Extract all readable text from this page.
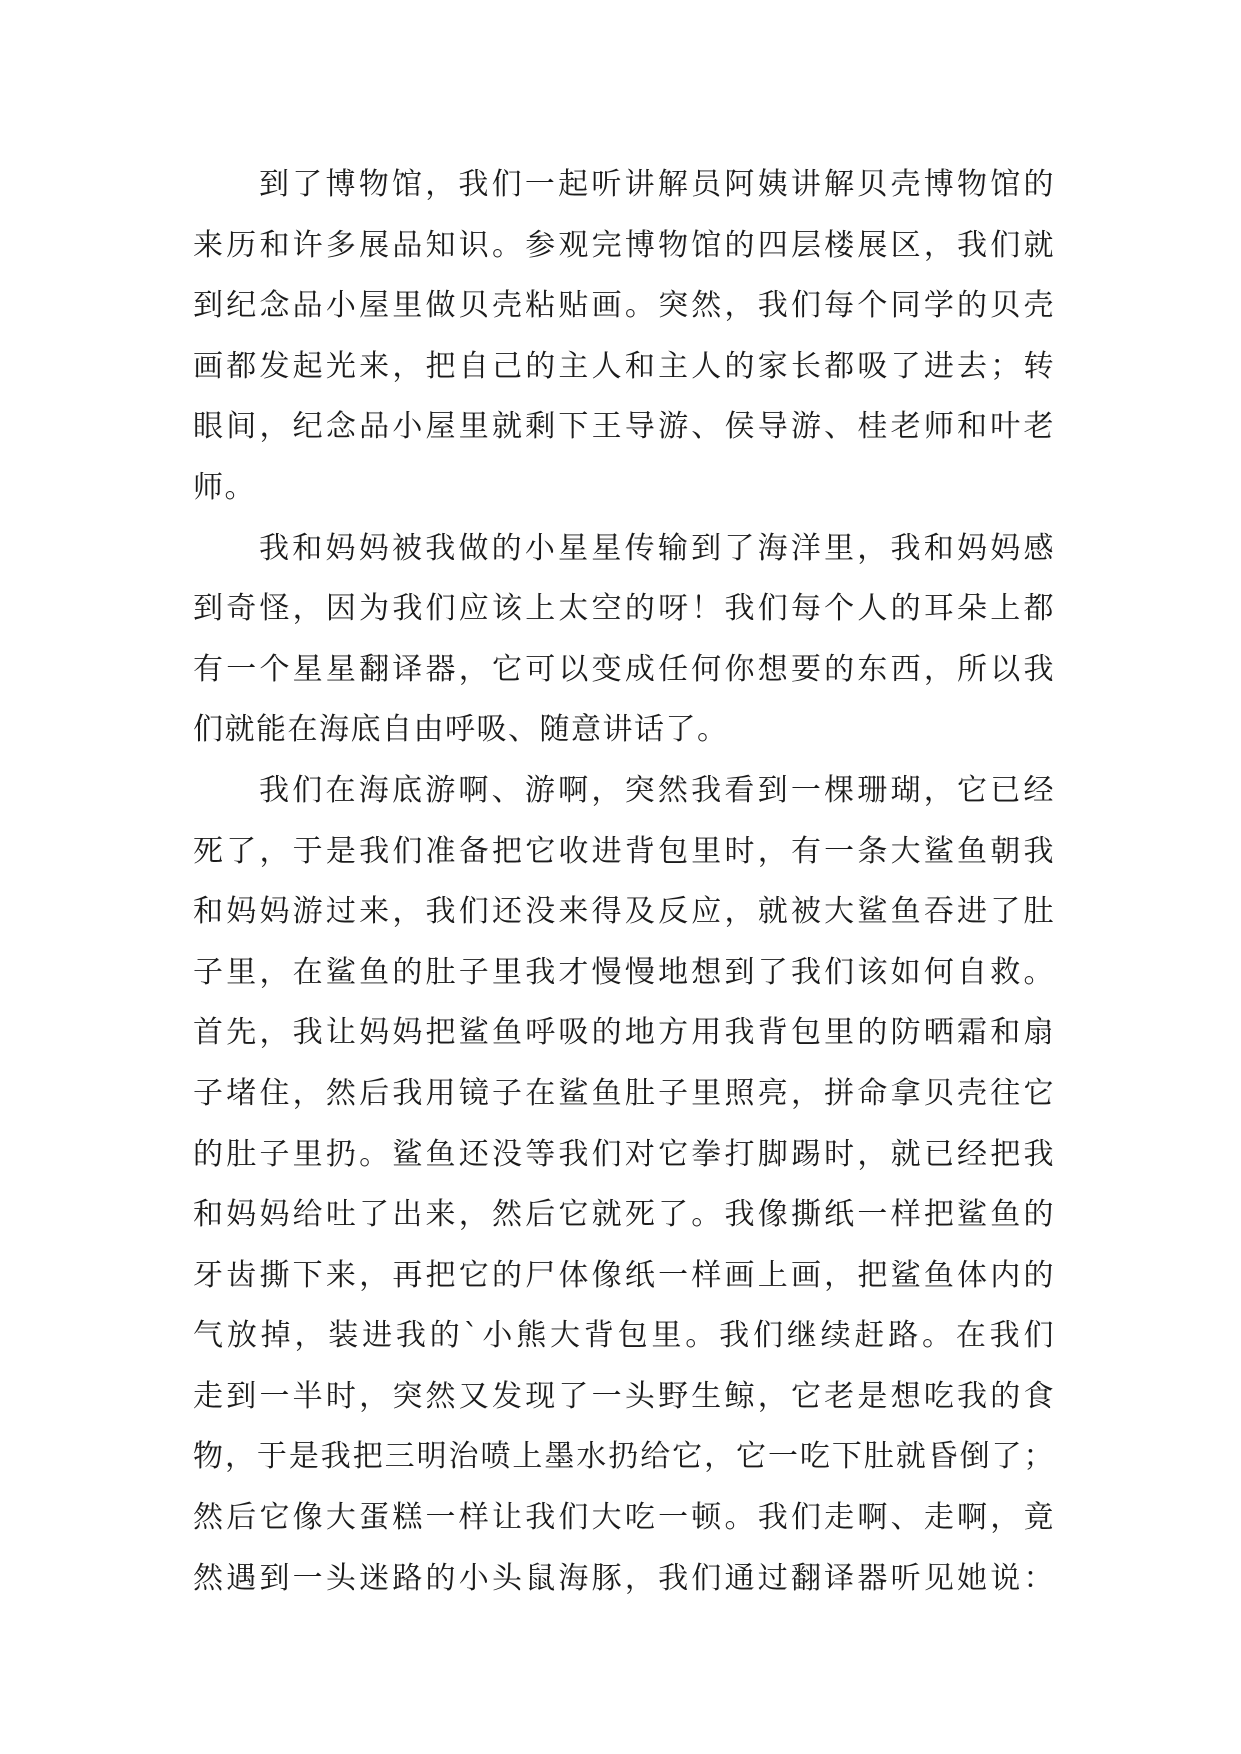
到了博物馆，我们一起听讲解员阿姨讲解贝壳博物馆的
来历和许多展品知识。参观完博物馆的四层楼展区，我们就
到纪念品小屋里做贝壳粘贴画。突然，我们每个同学的贝壳
画都发起光来，把自己的主人和主人的家长都吸了进去；转
眼间，纪念品小屋里就剩下王导游、侯导游、桂老师和叶老
师。
我和妈妈被我做的小星星传输到了海洋里，我和妈妈感
到奇怪，因为我们应该上太空的呀！我们每个人的耳朵上都
有一个星星翻译器，它可以变成任何你想要的东西，所以我
们就能在海底自由呼吸、随意讲话了。
我们在海底游啊、游啊，突然我看到一棵珊瑚，它已经
死了，于是我们准备把它收进背包里时，有一条大鲨鱼朝我
和妈妈游过来，我们还没来得及反应，就被大鲨鱼吞进了肚
子里，在鲨鱼的肚子里我才慢慢地想到了我们该如何自救。
首先，我让妈妈把鲨鱼呼吸的地方用我背包里的防晒霜和扇
子堵住，然后我用镜子在鲨鱼肚子里照亮，拼命拿贝壳往它
的肚子里扔。鲨鱼还没等我们对它拳打脚踢时，就已经把我
和妈妈给吐了出来，然后它就死了。我像撕纸一样把鲨鱼的
牙齿撕下来，再把它的尸体像纸一样画上画，把鲨鱼体内的
气放掉，装进我的`小熊大背包里。我们继续赶路。在我们
走到一半时，突然又发现了一头野生鲸，它老是想吃我的食
物，于是我把三明治喷上墨水扔给它，它一吃下肚就昏倒了；
然后它像大蛋糕一样让我们大吃一顿。我们走啊、走啊，竟
然遇到一头迷路的小头鼠海豚，我们通过翻译器听见她说：
